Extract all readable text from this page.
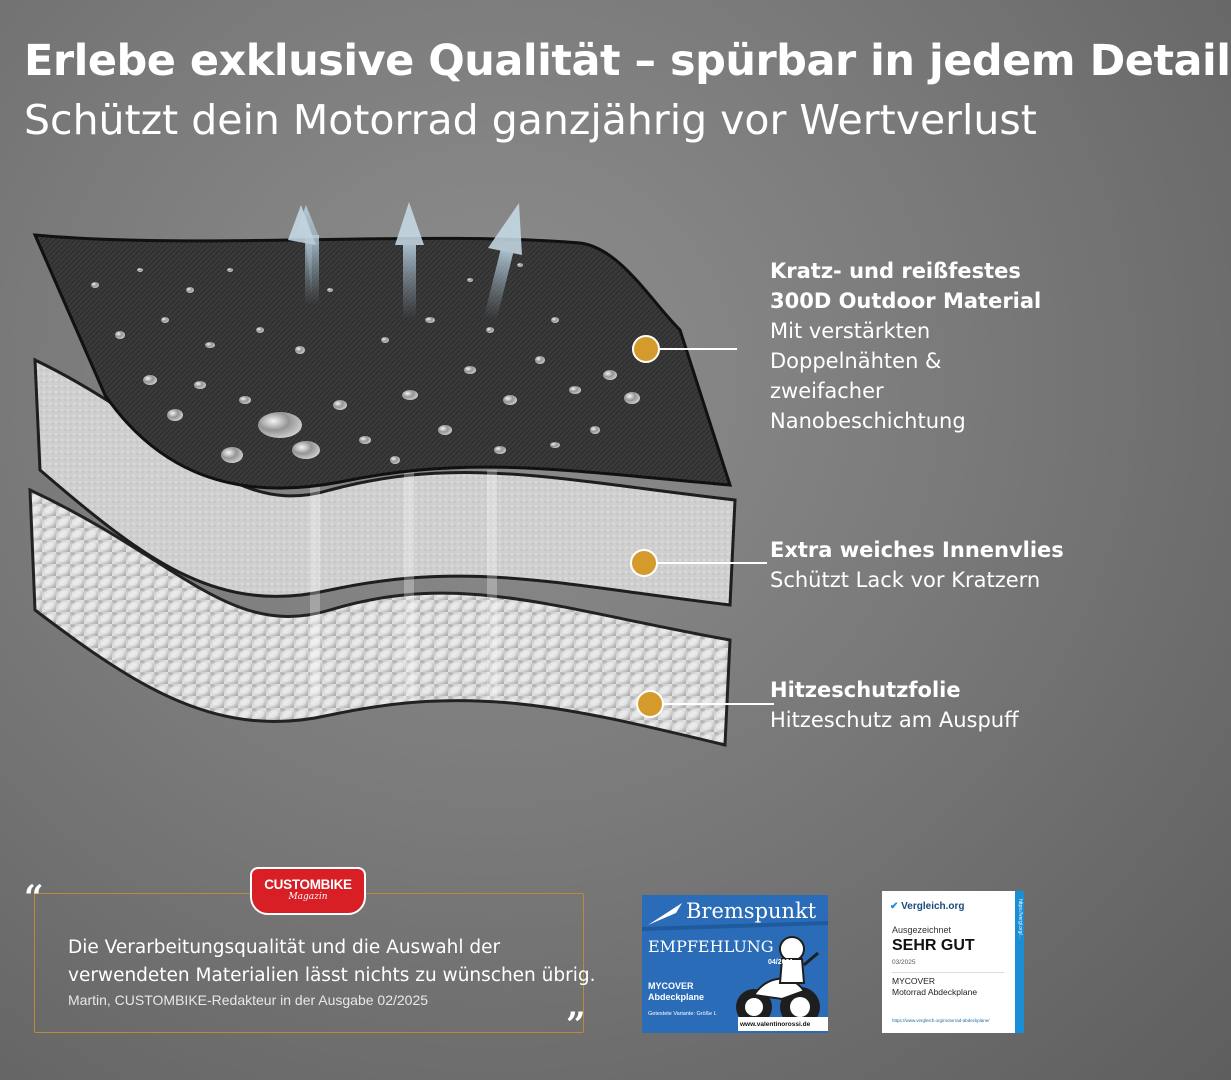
Erlebe exklusive Qualität – spürbar in jedem Detail
Schützt dein Motorrad ganzjährig vor Wertverlust
Kratz- und reißfestes
300D Outdoor Material
Mit verstärkten
Doppelnähten &
zweifacher
Nanobeschichtung
Extra weiches Innenvlies
Schützt Lack vor Kratzern
Hitzeschutzfolie
Hitzeschutz am Auspuff
“
”
CUSTOMBIKE
Magazin
Die Verarbeitungsqualität und die Auswahl der
verwendeten Materialien lässt nichts zu wünschen übrig.
Martin, CUSTOMBIKE-Redakteur in der Ausgabe 02/2025
Bremspunkt
EMPFEHLUNG
04/2021
MYCOVER
Abdeckplane
Getestete Variante: Größe L
www.valentinorossi.de
https://vergl.org/...
✔ Vergleich.org
Ausgezeichnet
SEHR GUT
03/2025
MYCOVER
Motorrad Abdeckplane
https://www.vergleich.org/motorrad-abdeckplane/
